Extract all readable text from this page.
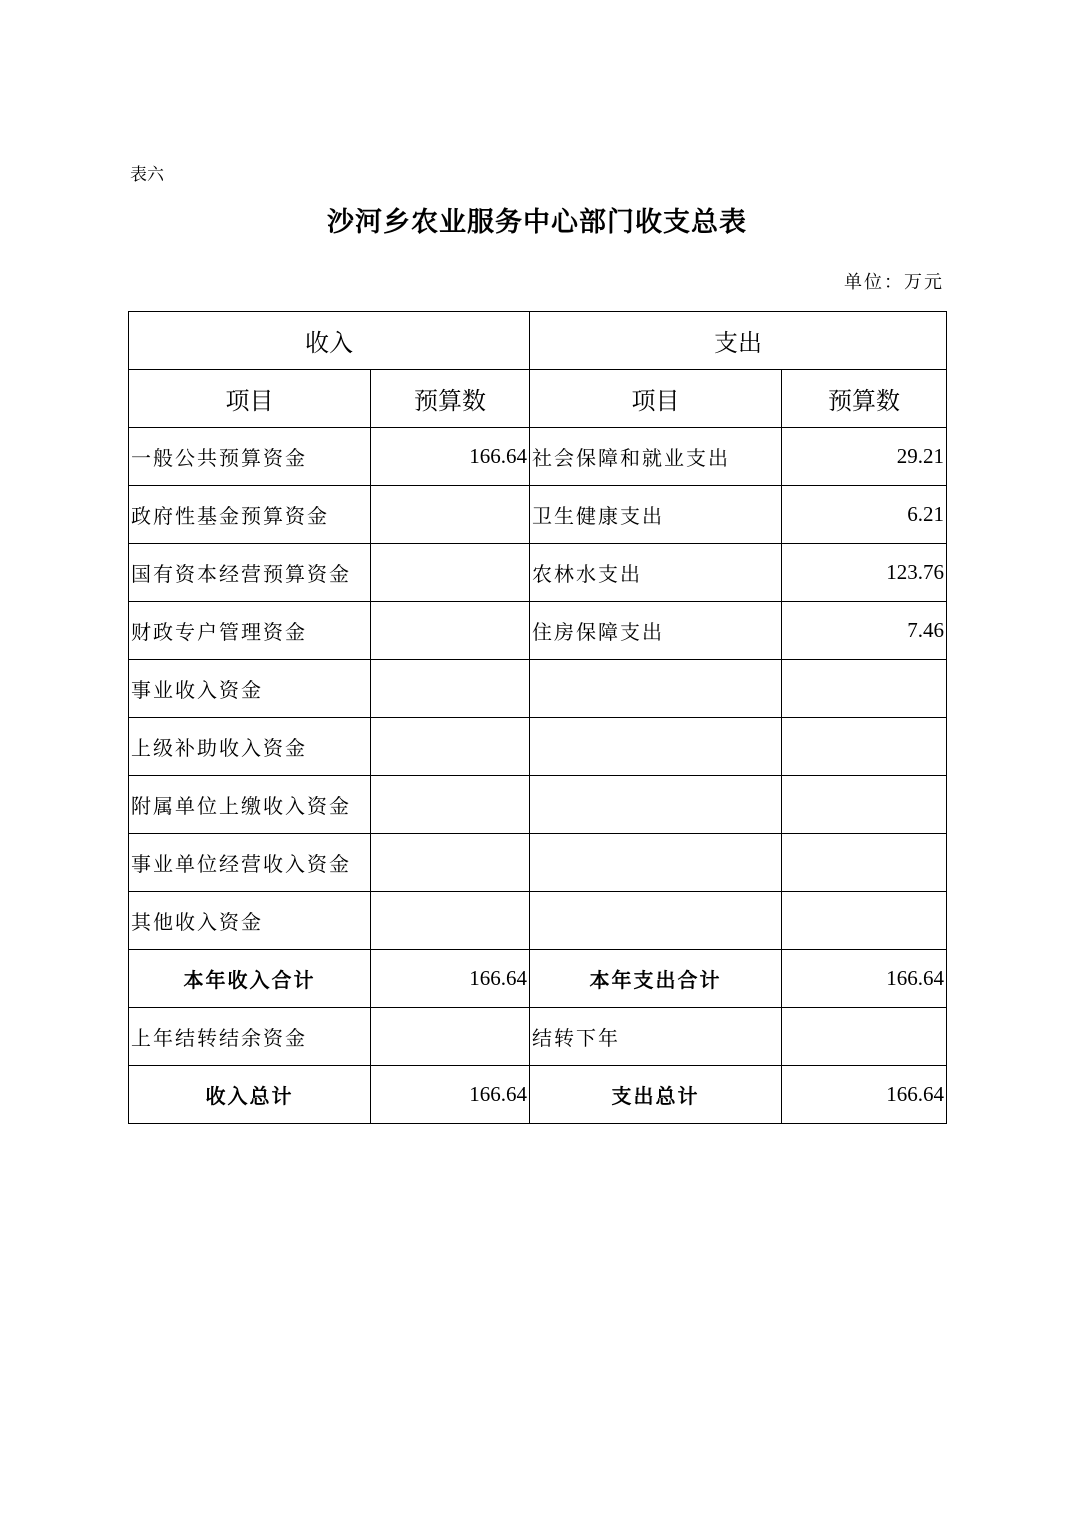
表六
沙河乡农业服务中心部门收支总表
单位：万元
收入		支出	
项目	预算数	项目	预算数
一般公共预算资金	166.64	社会保障和就业支出	29.21
政府性基金预算资金		卫生健康支出	6.21
国有资本经营预算资金		农林水支出	123.76
财政专户管理资金		住房保障支出	7.46
事业收入资金			
上级补助收入资金			
附属单位上缴收入资金			
事业单位经营收入资金			
其他收入资金			
本年收入合计	166.64	本年支出合计	166.64
上年结转结余资金		结转下年	
收入总计	166.64	支出总计	166.64
